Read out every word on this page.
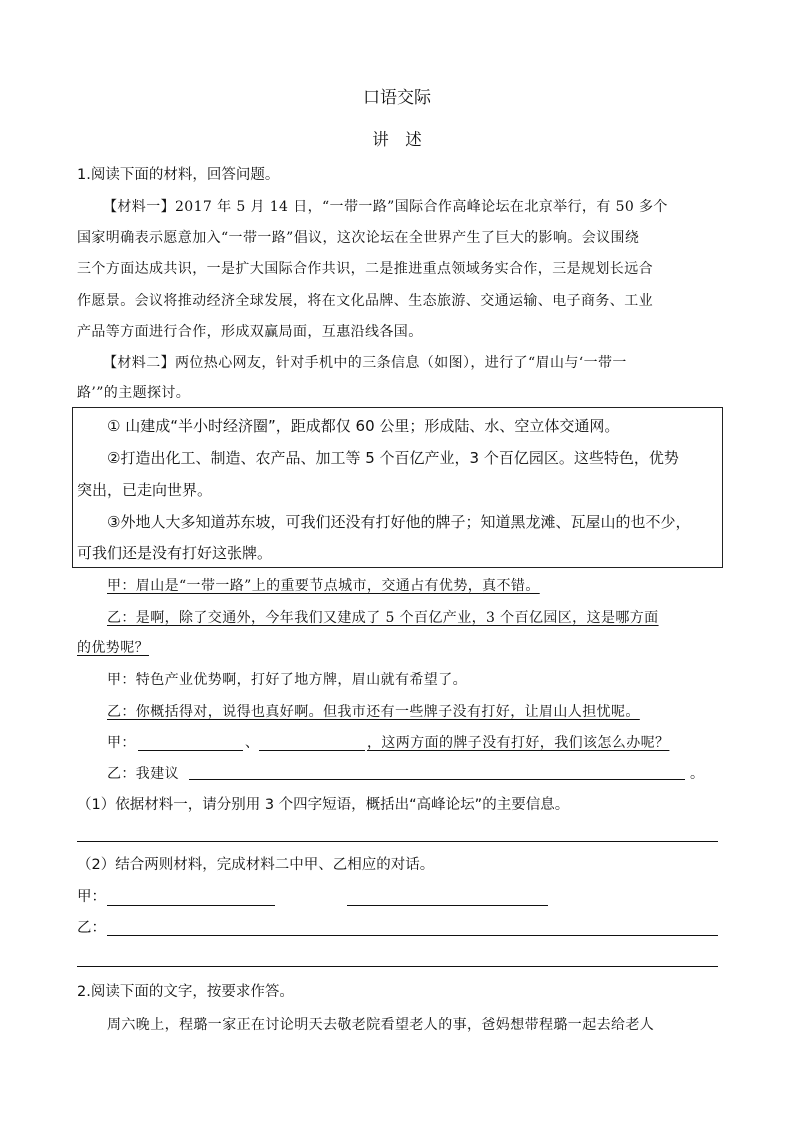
口语交际
讲　述
1.阅读下面的材料，回答问题。
【材料一】2017 年 5 月 14 日，“一带一路”国际合作高峰论坛在北京举行，有 50 多个
国家明确表示愿意加入“一带一路”倡议，这次论坛在全世界产生了巨大的影响。会议围绕
三个方面达成共识，一是扩大国际合作共识，二是推进重点领域务实合作，三是规划长远合
作愿景。会议将推动经济全球发展，将在文化品牌、生态旅游、交通运输、电子商务、工业
产品等方面进行合作，形成双赢局面，互惠沿线各国。
【材料二】两位热心网友，针对手机中的三条信息（如图），进行了“眉山与‘一带一
路’”的主题探讨。
① 山建成“半小时经济圈”，距成都仅 60 公里；形成陆、水、空立体交通网。
②打造出化工、制造、农产品、加工等 5 个百亿产业，3 个百亿园区。这些特色，优势
突出，已走向世界。
③外地人大多知道苏东坡，可我们还没有打好他的牌子；知道黑龙滩、瓦屋山的也不少，
可我们还是没有打好这张牌。
甲：眉山是“一带一路”上的重要节点城市，交通占有优势，真不错。
乙：是啊，除了交通外，今年我们又建成了 5 个百亿产业，3 个百亿园区，这是哪方面
的优势呢？
甲：特色产业优势啊，打好了地方牌，眉山就有希望了。
乙：你概括得对，说得也真好啊。但我市还有一些牌子没有打好，让眉山人担忧呢。
甲：	、	，这两方面的牌子没有打好，我们该怎么办呢？
乙：我建议	。
（1）依据材料一，请分别用 3 个四字短语，概括出“高峰论坛”的主要信息。
（2）结合两则材料，完成材料二中甲、乙相应的对话。
甲：
乙：
2.阅读下面的文字，按要求作答。
周六晚上，程璐一家正在讨论明天去敬老院看望老人的事，爸妈想带程璐一起去给老人
